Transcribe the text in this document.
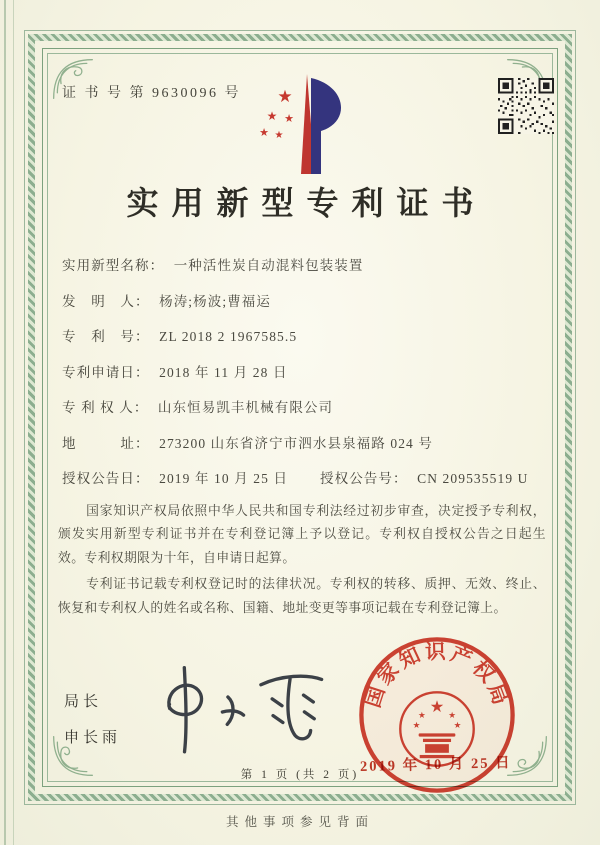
证 书 号 第 9630096 号 ★
★ ★
★ ★
实用新型专利证书
实用新型名称： 一种活性炭自动混料包装装置
发　明　人： 杨涛;杨波;曹福运
专　利　号： ZL 2018 2 1967585.5
专利申请日： 2018 年 11 月 28 日
专 利 权 人： 山东恒易凯丰机械有限公司
地　　　址： 273200 山东省济宁市泗水县泉福路 024 号
授权公告日： 2019 年 10 月 25 日	授权公告号： CN 209535519 U

国家知识产权局依照中华人民共和国专利法经过初步审查，决定授予专利权，颁发实用新型专利证书并在专利登记簿上予以登记。专利权自授权公告之日起生效。专利权期限为十年，自申请日起算。

专利证书记载专利权登记时的法律状况。专利权的转移、质押、无效、终止、恢复和专利权人的姓名或名称、国籍、地址变更等事项记载在专利登记簿上。

局长
申长雨
国家知识产权局
★
★	★
★	★
2019 年 10 月 25 日
第 1 页 (共 2 页)
其他事项参见背面
